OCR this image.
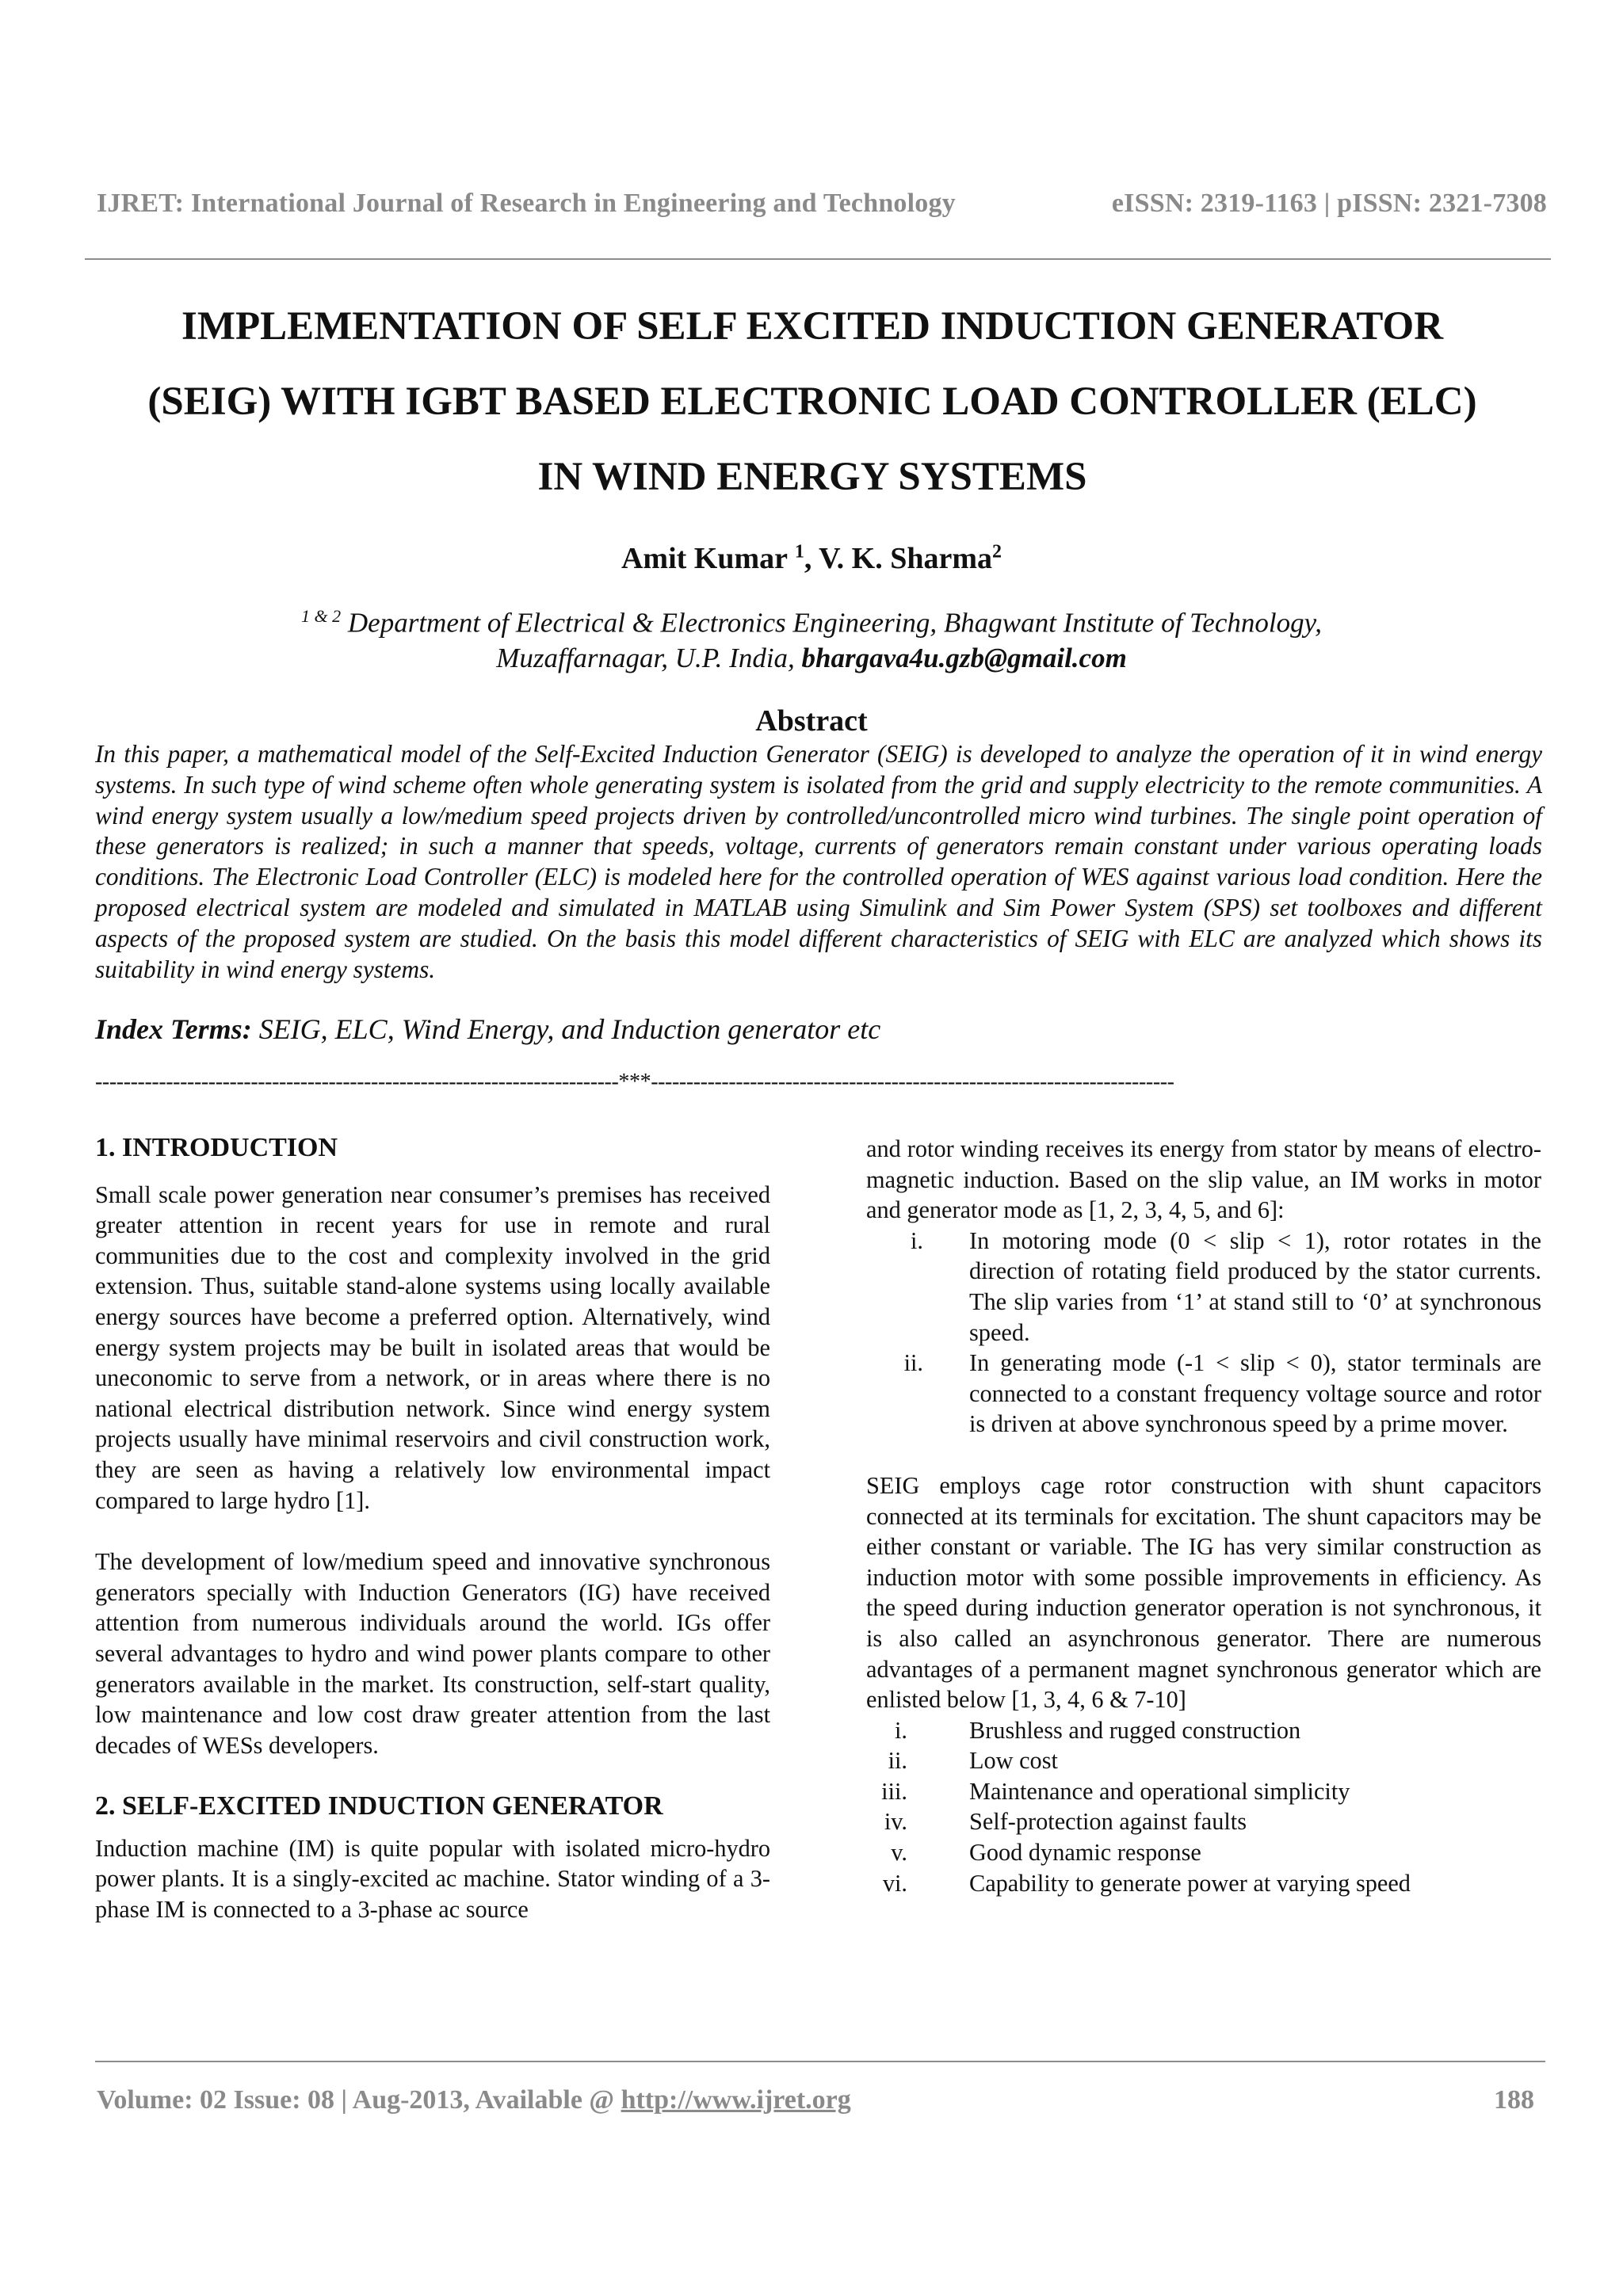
IJRET: International Journal of Research in Engineering and Technology	eISSN: 2319-1163 | pISSN: 2321-7308
IMPLEMENTATION OF SELF EXCITED INDUCTION GENERATOR
(SEIG) WITH IGBT BASED ELECTRONIC LOAD CONTROLLER (ELC)
IN WIND ENERGY SYSTEMS
Amit Kumar $^1$, V. K. Sharma$^2$
$^{1 \& 2}$ Department of Electrical & Electronics Engineering, Bhagwant Institute of Technology,
Muzaffarnagar, U.P. India, bhargava4u.gzb@gmail.com
Abstract
In this paper, a mathematical model of the Self-Excited Induction Generator (SEIG) is developed to analyze the operation of it in wind energy systems. In such type of wind scheme often whole generating system is isolated from the grid and supply electricity to the remote communities. A wind energy system usually a low/medium speed projects driven by controlled/uncontrolled micro wind turbines. The single point operation of these generators is realized; in such a manner that speeds, voltage, currents of generators remain constant under various operating loads conditions. The Electronic Load Controller (ELC) is modeled here for the controlled operation of WES against various load condition. Here the proposed electrical system are modeled and simulated in MATLAB using Simulink and Sim Power System (SPS) set toolboxes and different aspects of the proposed system are studied. On the basis this model different characteristics of SEIG with ELC are analyzed which shows its suitability in wind energy systems.
Index Terms: SEIG, ELC, Wind Energy, and Induction generator etc
--------------------------------------------------------------------------***--------------------------------------------------------------------------

1. INTRODUCTION

Small scale power generation near consumer’s premises has received greater attention in recent years for use in remote and rural communities due to the cost and complexity involved in the grid extension. Thus, suitable stand-alone systems using locally available energy sources have become a preferred option. Alternatively, wind energy system projects may be built in isolated areas that would be uneconomic to serve from a network, or in areas where there is no national electrical distribution network. Since wind energy system projects usually have minimal reservoirs and civil construction work, they are seen as having a relatively low environmental impact compared to large hydro [1].

The development of low/medium speed and innovative synchronous generators specially with Induction Generators (IG) have received attention from numerous individuals around the world. IGs offer several advantages to hydro and wind power plants compare to other generators available in the market. Its construction, self-start quality, low maintenance and low cost draw greater attention from the last decades of WESs developers.

2. SELF-EXCITED INDUCTION GENERATOR

Induction machine (IM) is quite popular with isolated micro-hydro power plants. It is a singly-excited ac machine. Stator winding of a 3-phase IM is connected to a 3-phase ac source

and rotor winding receives its energy from stator by means of electro-magnetic induction. Based on the slip value, an IM works in motor and generator mode as [1, 2, 3, 4, 5, and 6]:

i. In motoring mode (0 < slip < 1), rotor rotates in the direction of rotating field produced by the stator currents. The slip varies from ‘1’ at stand still to ‘0’ at synchronous speed.
ii. In generating mode (-1 < slip < 0), stator terminals are connected to a constant frequency voltage source and rotor is driven at above synchronous speed by a prime mover.

SEIG employs cage rotor construction with shunt capacitors connected at its terminals for excitation. The shunt capacitors may be either constant or variable. The IG has very similar construction as induction motor with some possible improvements in efficiency. As the speed during induction generator operation is not synchronous, it is also called an asynchronous generator. There are numerous advantages of a permanent magnet synchronous generator which are enlisted below [1, 3, 4, 6 & 7-10]

i.	Brushless and rugged construction
ii.	Low cost
iii.	Maintenance and operational simplicity
iv.	Self-protection against faults
v.	Good dynamic response
vi.	Capability to generate power at varying speed
Volume: 02 Issue: 08 | Aug-2013, Available @ http://www.ijret.org	188
